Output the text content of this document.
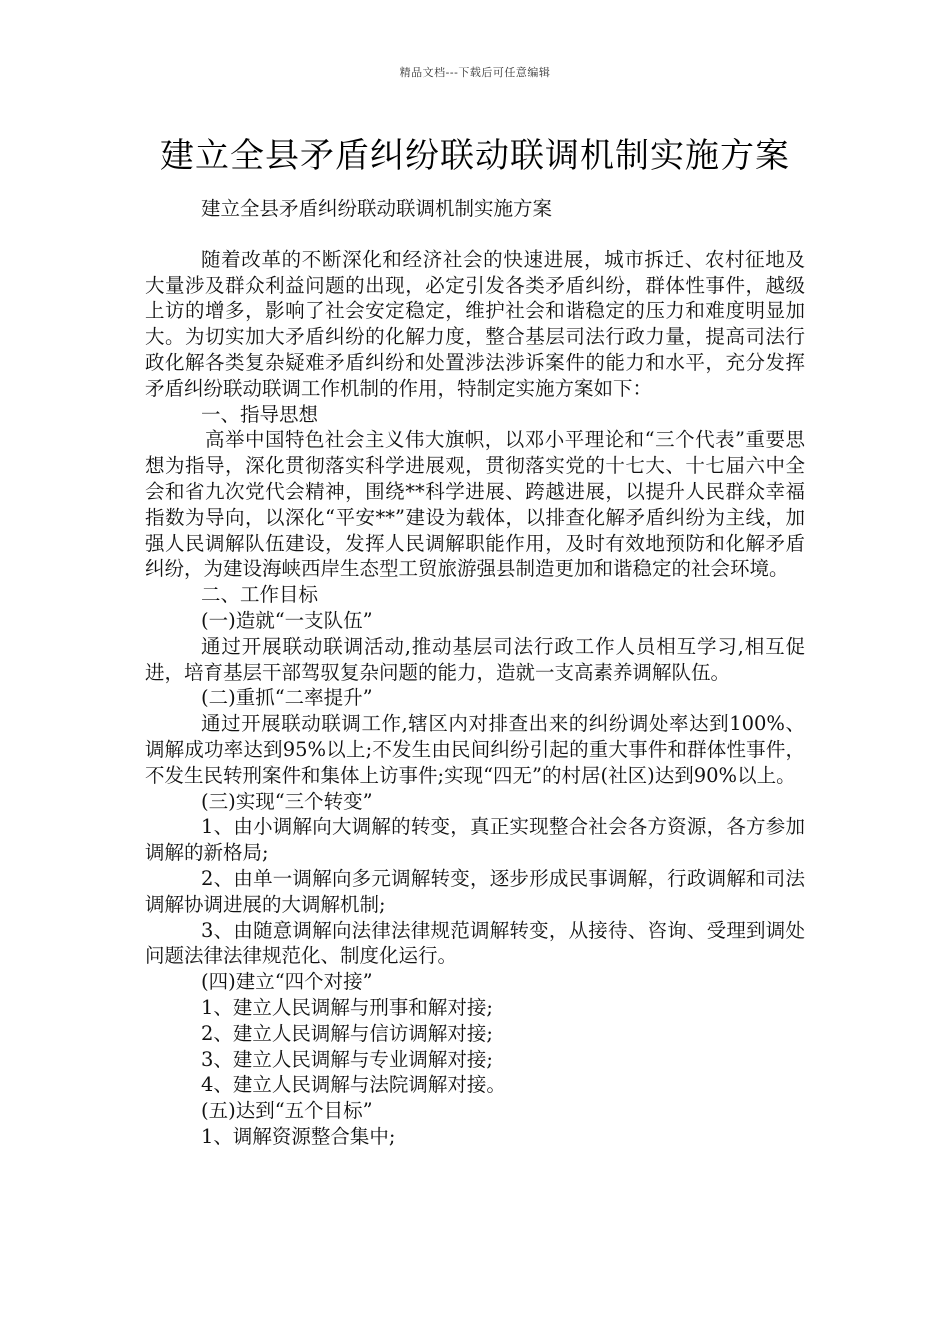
精品文档---下载后可任意编辑
建立全县矛盾纠纷联动联调机制实施方案

建立全县矛盾纠纷联动联调机制实施方案

随着改革的不断深化和经济社会的快速进展，城市拆迁、农村征地及大量涉及群众利益问题的出现，必定引发各类矛盾纠纷，群体性事件，越级上访的增多，影响了社会安定稳定，维护社会和谐稳定的压力和难度明显加大。为切实加大矛盾纠纷的化解力度，整合基层司法行政力量，提高司法行政化解各类复杂疑难矛盾纠纷和处置涉法涉诉案件的能力和水平，充分发挥矛盾纠纷联动联调工作机制的作用，特制定实施方案如下：

一、指导思想

高举中国特色社会主义伟大旗帜，以邓小平理论和“三个代表”重要思想为指导，深化贯彻落实科学进展观，贯彻落实党的十七大、十七届六中全会和省九次党代会精神，围绕**科学进展、跨越进展，以提升人民群众幸福指数为导向，以深化“平安**”建设为载体，以排查化解矛盾纠纷为主线，加强人民调解队伍建设，发挥人民调解职能作用，及时有效地预防和化解矛盾纠纷，为建设海峡西岸生态型工贸旅游强县制造更加和谐稳定的社会环境。

二、工作目标

(一)造就“一支队伍”

通过开展联动联调活动,推动基层司法行政工作人员相互学习,相互促进，培育基层干部驾驭复杂问题的能力，造就一支高素养调解队伍。

(二)重抓“二率提升”

通过开展联动联调工作,辖区内对排查出来的纠纷调处率达到100%、调解成功率达到95%以上;不发生由民间纠纷引起的重大事件和群体性事件，不发生民转刑案件和集体上访事件;实现“四无”的村居(社区)达到90%以上。

(三)实现“三个转变”

1、由小调解向大调解的转变，真正实现整合社会各方资源，各方参加调解的新格局;

2、由单一调解向多元调解转变，逐步形成民事调解，行政调解和司法调解协调进展的大调解机制;

3、由随意调解向法律法律规范调解转变，从接待、咨询、受理到调处问题法律法律规范化、制度化运行。

(四)建立“四个对接”

1、建立人民调解与刑事和解对接;

2、建立人民调解与信访调解对接;

3、建立人民调解与专业调解对接;

4、建立人民调解与法院调解对接。

(五)达到“五个目标”

1、调解资源整合集中;
